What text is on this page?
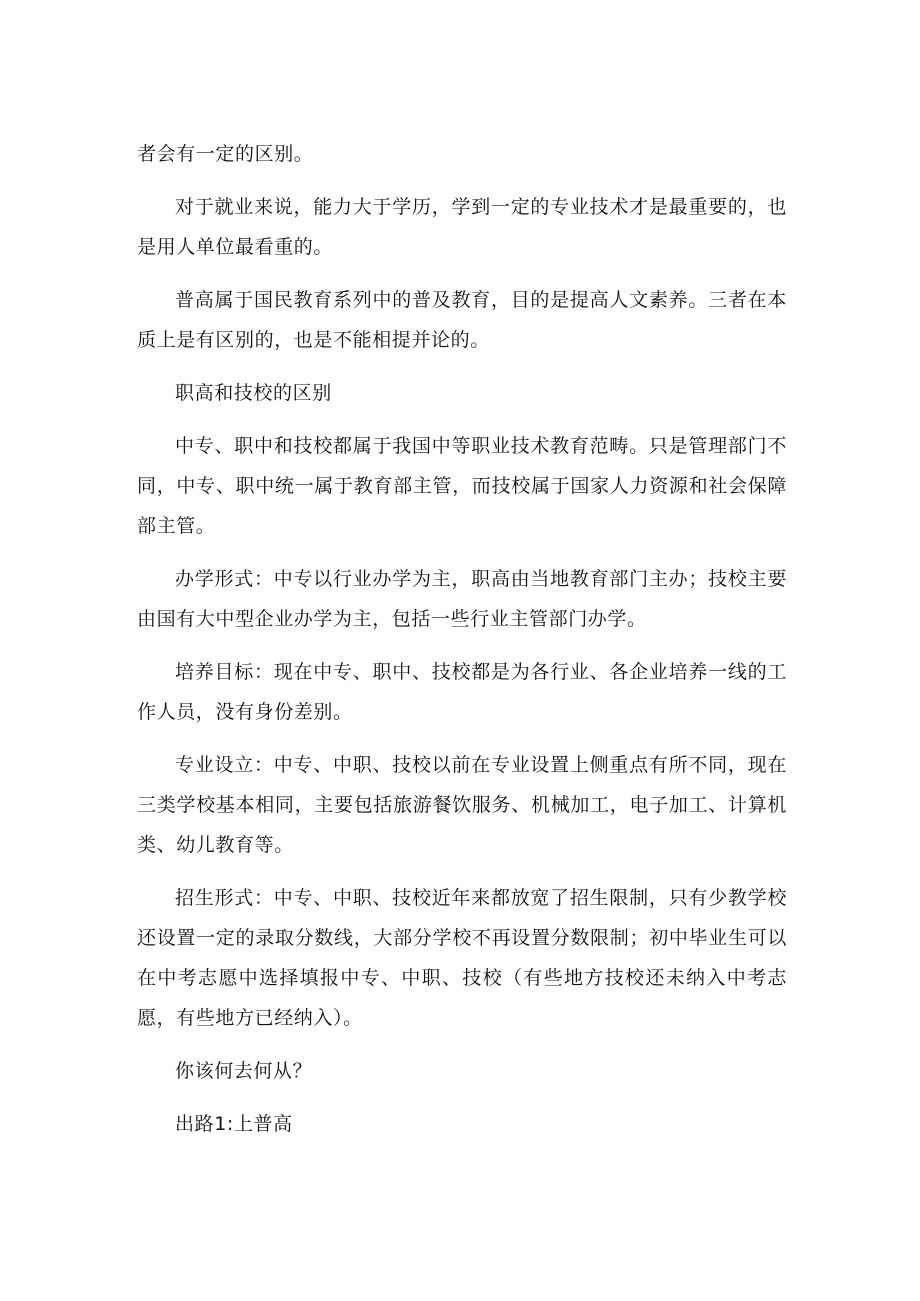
者会有一定的区别。

对于就业来说，能力大于学历，学到一定的专业技术才是最重要的，也是用人单位最看重的。

普高属于国民教育系列中的普及教育，目的是提高人文素养。三者在本质上是有区别的，也是不能相提并论的。

职高和技校的区别

中专、职中和技校都属于我国中等职业技术教育范畴。只是管理部门不同，中专、职中统一属于教育部主管，而技校属于国家人力资源和社会保障部主管。

办学形式：中专以行业办学为主，职高由当地教育部门主办；技校主要由国有大中型企业办学为主，包括一些行业主管部门办学。

培养目标：现在中专、职中、技校都是为各行业、各企业培养一线的工作人员，没有身份差别。

专业设立：中专、中职、技校以前在专业设置上侧重点有所不同，现在三类学校基本相同，主要包括旅游餐饮服务、机械加工，电子加工、计算机类、幼儿教育等。

招生形式：中专、中职、技校近年来都放宽了招生限制，只有少教学校还设置一定的录取分数线，大部分学校不再设置分数限制；初中毕业生可以在中考志愿中选择填报中专、中职、技校（有些地方技校还未纳入中考志愿，有些地方已经纳入）。

你该何去何从？

出路1:上普高
